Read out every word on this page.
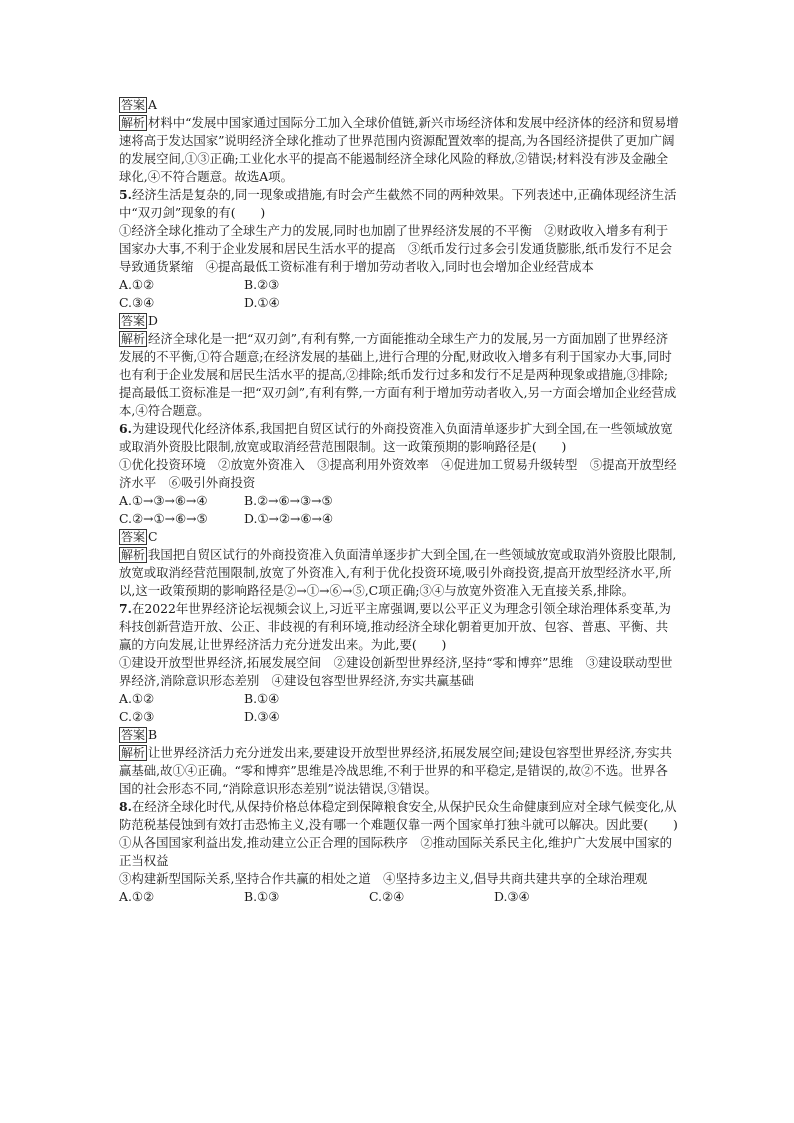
答案 A

解析 材料中“发展中国家通过国际分工加入全球价值链,新兴市场经济体和发展中经济体的经济和贸易增速将高于发达国家”说明经济全球化推动了世界范围内资源配置效率的提高,为各国经济提供了更加广阔的发展空间,①③正确;工业化水平的提高不能遏制经济全球化风险的释放,②错误;材料没有涉及金融全球化,④不符合题意。故选A项。

5.经济生活是复杂的,同一现象或措施,有时会产生截然不同的两种效果。下列表述中,正确体现经济生活中“双刃剑”现象的有(　　)

①经济全球化推动了全球生产力的发展,同时也加剧了世界经济发展的不平衡　②财政收入增多有利于国家办大事,不利于企业发展和居民生活水平的提高　③纸币发行过多会引发通货膨胀,纸币发行不足会导致通货紧缩　④提高最低工资标准有利于增加劳动者收入,同时也会增加企业经营成本

A.①②	B.②③
C.③④	D.①④

答案 D

解析 经济全球化是一把“双刃剑”,有利有弊,一方面能推动全球生产力的发展,另一方面加剧了世界经济发展的不平衡,①符合题意;在经济发展的基础上,进行合理的分配,财政收入增多有利于国家办大事,同时也有利于企业发展和居民生活水平的提高,②排除;纸币发行过多和发行不足是两种现象或措施,③排除;提高最低工资标准是一把“双刃剑”,有利有弊,一方面有利于增加劳动者收入,另一方面会增加企业经营成本,④符合题意。

6.为建设现代化经济体系,我国把自贸区试行的外商投资准入负面清单逐步扩大到全国,在一些领域放宽或取消外资股比限制,放宽或取消经营范围限制。这一政策预期的影响路径是(　　)

①优化投资环境　②放宽外资准入　③提高利用外资效率　④促进加工贸易升级转型　⑤提高开放型经济水平　⑥吸引外商投资

A.①→③→⑥→④	B.②→⑥→③→⑤
C.②→①→⑥→⑤	D.①→②→⑥→④

答案 C

解析 我国把自贸区试行的外商投资准入负面清单逐步扩大到全国,在一些领域放宽或取消外资股比限制,放宽或取消经营范围限制,放宽了外资准入,有利于优化投资环境,吸引外商投资,提高开放型经济水平,所以,这一政策预期的影响路径是②→①→⑥→⑤,C项正确;③④与放宽外资准入无直接关系,排除。

7.在2022年世界经济论坛视频会议上,习近平主席强调,要以公平正义为理念引领全球治理体系变革,为科技创新营造开放、公正、非歧视的有利环境,推动经济全球化朝着更加开放、包容、普惠、平衡、共赢的方向发展,让世界经济活力充分迸发出来。为此,要(　　)

①建设开放型世界经济,拓展发展空间　②建设创新型世界经济,坚持“零和博弈”思维　③建设联动型世界经济,消除意识形态差别　④建设包容型世界经济,夯实共赢基础

A.①②	B.①④
C.②③	D.③④

答案 B

解析 让世界经济活力充分迸发出来,要建设开放型世界经济,拓展发展空间;建设包容型世界经济,夯实共赢基础,故①④正确。“零和博弈”思维是冷战思维,不利于世界的和平稳定,是错误的,故②不选。世界各国的社会形态不同,“消除意识形态差别”说法错误,③错误。

8.在经济全球化时代,从保持价格总体稳定到保障粮食安全,从保护民众生命健康到应对全球气候变化,从防范税基侵蚀到有效打击恐怖主义,没有哪一个难题仅靠一两个国家单打独斗就可以解决。因此要(　　)

①从各国国家利益出发,推动建立公正合理的国际秩序　②推动国际关系民主化,维护广大发展中国家的正当权益

③构建新型国际关系,坚持合作共赢的相处之道　④坚持多边主义,倡导共商共建共享的全球治理观

A.①②	B.①③	C.②④	D.③④
